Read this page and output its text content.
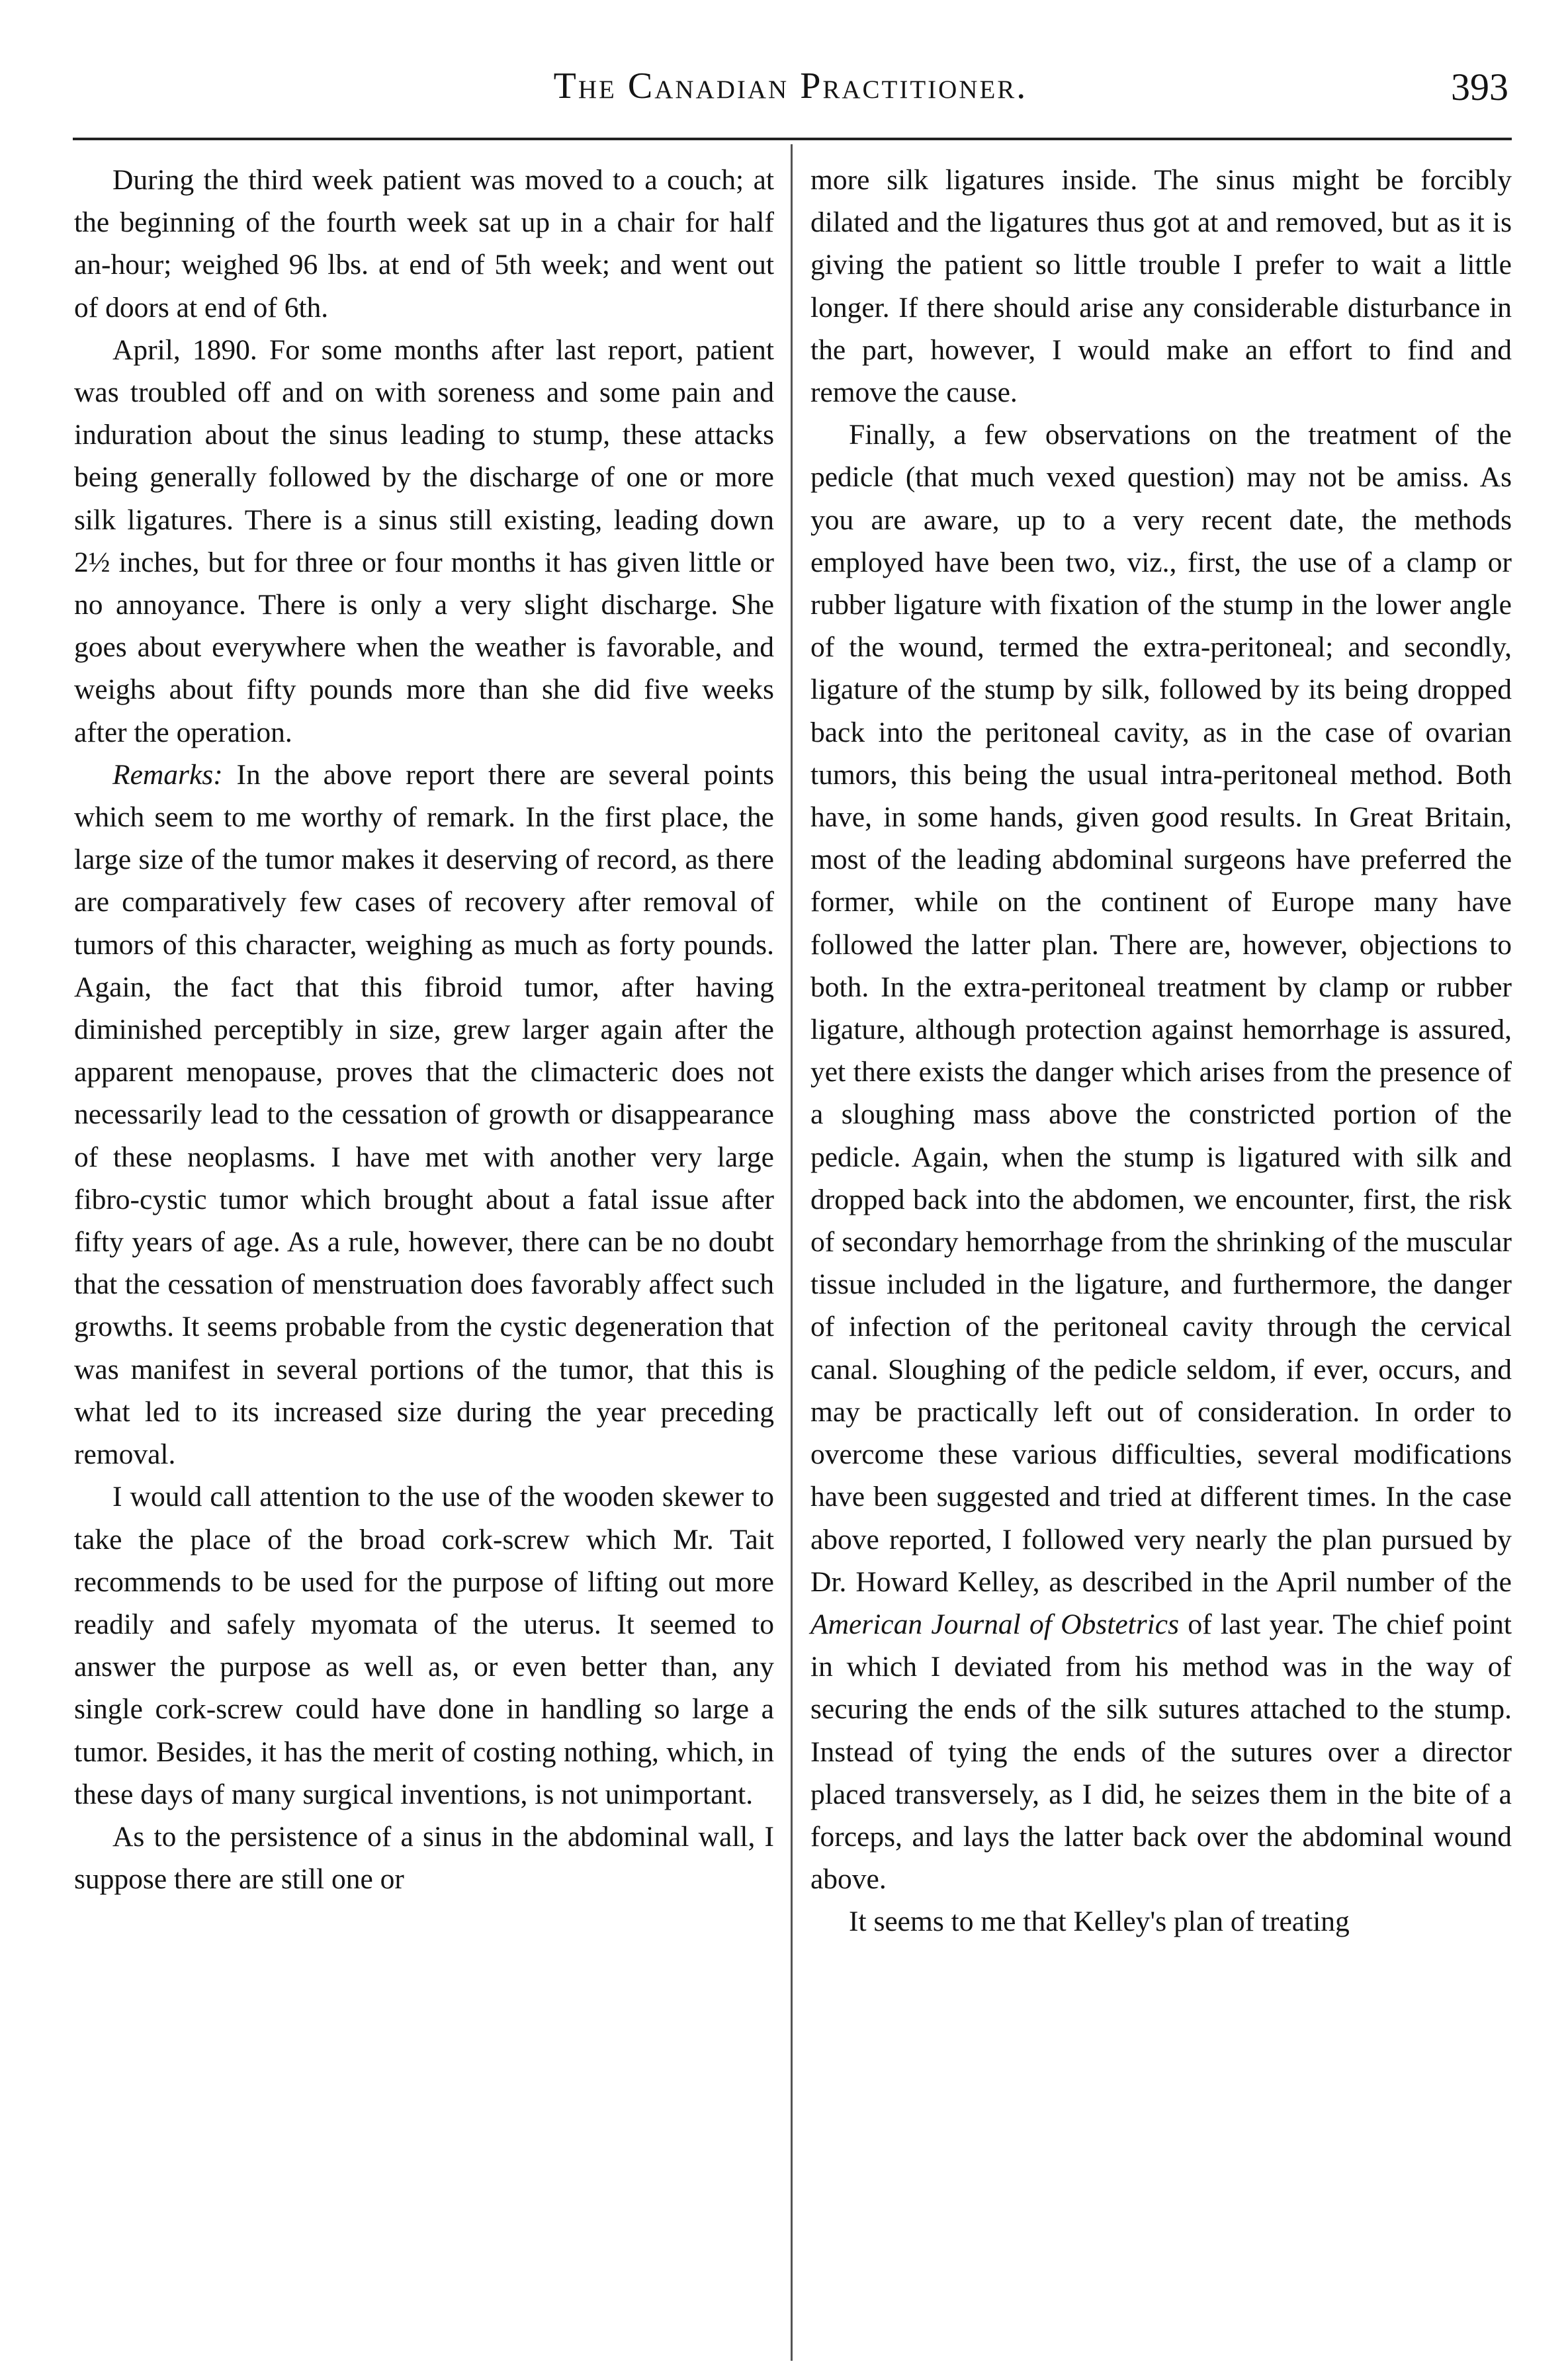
The Canadian Practitioner.	393

During the third week patient was moved to a couch; at the beginning of the fourth week sat up in a chair for half an-hour; weighed 96 lbs. at end of 5th week; and went out of doors at end of 6th.

April, 1890. For some months after last report, patient was troubled off and on with soreness and some pain and induration about the sinus leading to stump, these attacks being generally followed by the discharge of one or more silk ligatures. There is a sinus still existing, leading down 2½ inches, but for three or four months it has given little or no annoyance. There is only a very slight discharge. She goes about everywhere when the weather is favorable, and weighs about fifty pounds more than she did five weeks after the operation.

Remarks: In the above report there are several points which seem to me worthy of remark. In the first place, the large size of the tumor makes it deserving of record, as there are comparatively few cases of recovery after removal of tumors of this character, weighing as much as forty pounds. Again, the fact that this fibroid tumor, after having diminished perceptibly in size, grew larger again after the apparent menopause, proves that the climacteric does not necessarily lead to the cessation of growth or disappearance of these neoplasms. I have met with another very large fibro-cystic tumor which brought about a fatal issue after fifty years of age. As a rule, however, there can be no doubt that the cessation of menstruation does favorably affect such growths. It seems probable from the cystic degeneration that was manifest in several portions of the tumor, that this is what led to its increased size during the year preceding removal.

I would call attention to the use of the wooden skewer to take the place of the broad cork-screw which Mr. Tait recommends to be used for the purpose of lifting out more readily and safely myomata of the uterus. It seemed to answer the purpose as well as, or even better than, any single cork-screw could have done in handling so large a tumor. Besides, it has the merit of costing nothing, which, in these days of many surgical inventions, is not unimportant.

As to the persistence of a sinus in the abdominal wall, I suppose there are still one or

more silk ligatures inside. The sinus might be forcibly dilated and the ligatures thus got at and removed, but as it is giving the patient so little trouble I prefer to wait a little longer. If there should arise any considerable disturbance in the part, however, I would make an effort to find and remove the cause.

Finally, a few observations on the treatment of the pedicle (that much vexed question) may not be amiss. As you are aware, up to a very recent date, the methods employed have been two, viz., first, the use of a clamp or rubber ligature with fixation of the stump in the lower angle of the wound, termed the extra-peritoneal; and secondly, ligature of the stump by silk, followed by its being dropped back into the peritoneal cavity, as in the case of ovarian tumors, this being the usual intra-peritoneal method. Both have, in some hands, given good results. In Great Britain, most of the leading abdominal surgeons have preferred the former, while on the continent of Europe many have followed the latter plan. There are, however, objections to both. In the extra-peritoneal treatment by clamp or rubber ligature, although protection against hemorrhage is assured, yet there exists the danger which arises from the presence of a sloughing mass above the constricted portion of the pedicle. Again, when the stump is ligatured with silk and dropped back into the abdomen, we encounter, first, the risk of secondary hemorrhage from the shrinking of the muscular tissue included in the ligature, and furthermore, the danger of infection of the peritoneal cavity through the cervical canal. Sloughing of the pedicle seldom, if ever, occurs, and may be practically left out of consideration. In order to overcome these various difficulties, several modifications have been suggested and tried at different times. In the case above reported, I followed very nearly the plan pursued by Dr. Howard Kelley, as described in the April number of the American Journal of Obstetrics of last year. The chief point in which I deviated from his method was in the way of securing the ends of the silk sutures attached to the stump. Instead of tying the ends of the sutures over a director placed transversely, as I did, he seizes them in the bite of a forceps, and lays the latter back over the abdominal wound above.

It seems to me that Kelley's plan of treating
